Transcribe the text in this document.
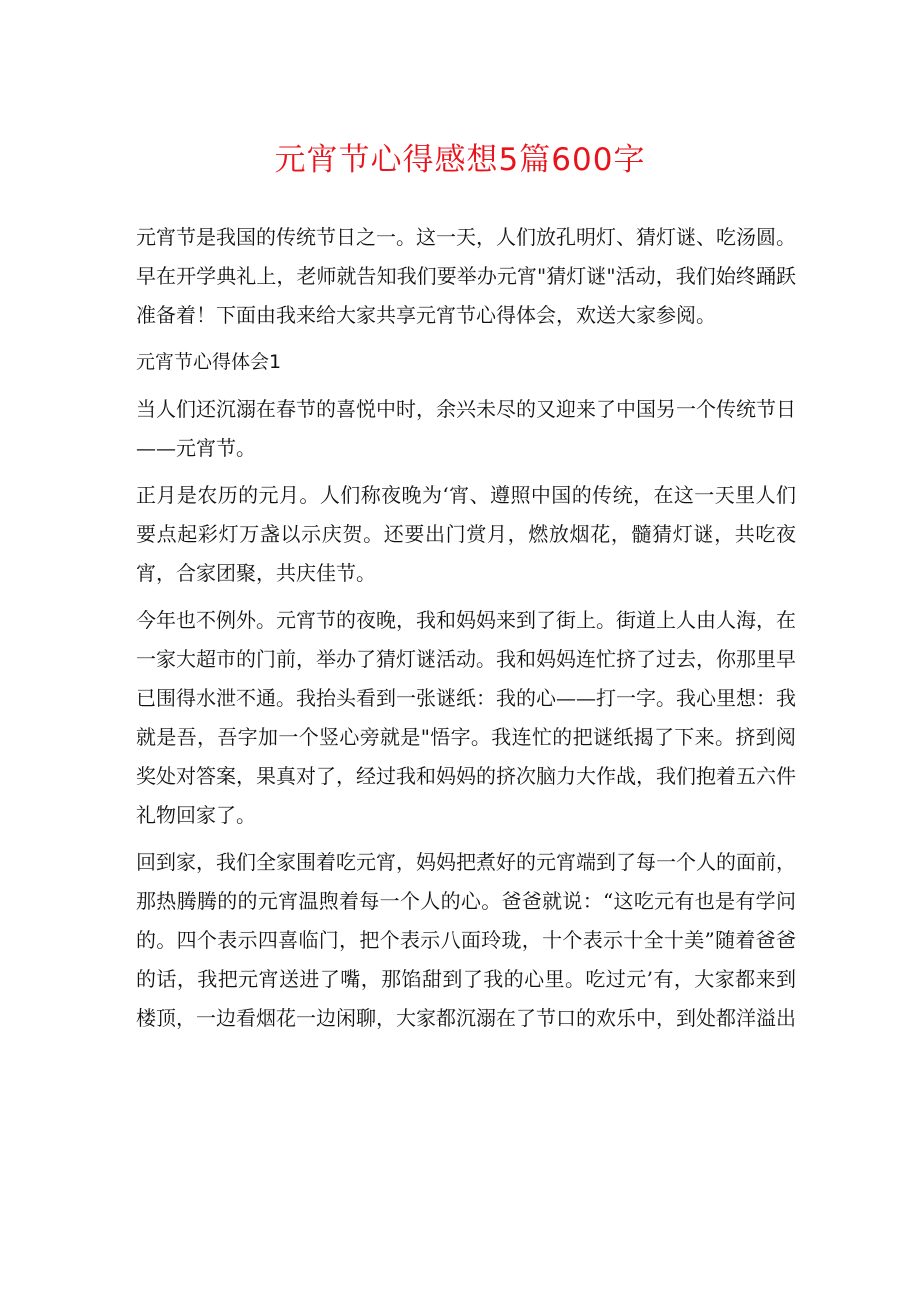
元宵节心得感想5篇600字

元宵节是我国的传统节日之一。这一天，人们放孔明灯、猜灯谜、吃汤圆。早在开学典礼上，老师就告知我们要举办元宵"猜灯谜"活动，我们始终踊跃准备着！下面由我来给大家共享元宵节心得体会，欢送大家参阅。

元宵节心得体会1

当人们还沉溺在春节的喜悦中时，余兴未尽的又迎来了中国另一个传统节日——元宵节。

正月是农历的元月。人们称夜晚为‘宵、遵照中国的传统，在这一天里人们要点起彩灯万盏以示庆贺。还要出门赏月，燃放烟花，髓猜灯谜，共吃夜宵，合家团聚，共庆佳节。

今年也不例外。元宵节的夜晚，我和妈妈来到了街上。街道上人由人海，在一家大超市的门前，举办了猜灯谜活动。我和妈妈连忙挤了过去，你那里早已围得水泄不通。我抬头看到一张谜纸：我的心——打一字。我心里想：我就是吾，吾字加一个竖心旁就是"悟字。我连忙的把谜纸揭了下来。挤到阅奖处对答案，果真对了，经过我和妈妈的挤次脑力大作战，我们抱着五六件礼物回家了。

回到家，我们全家围着吃元宵，妈妈把煮好的元宵端到了每一个人的面前，那热腾腾的的元宵温煦着每一个人的心。爸爸就说：“这吃元有也是有学问的。四个表示四喜临门，把个表示八面玲珑，十个表示十全十美”随着爸爸的话，我把元宵送进了嘴，那馅甜到了我的心里。吃过元’有，大家都来到楼顶，一边看烟花一边闲聊，大家都沉溺在了节口的欢乐中，到处都洋溢出
